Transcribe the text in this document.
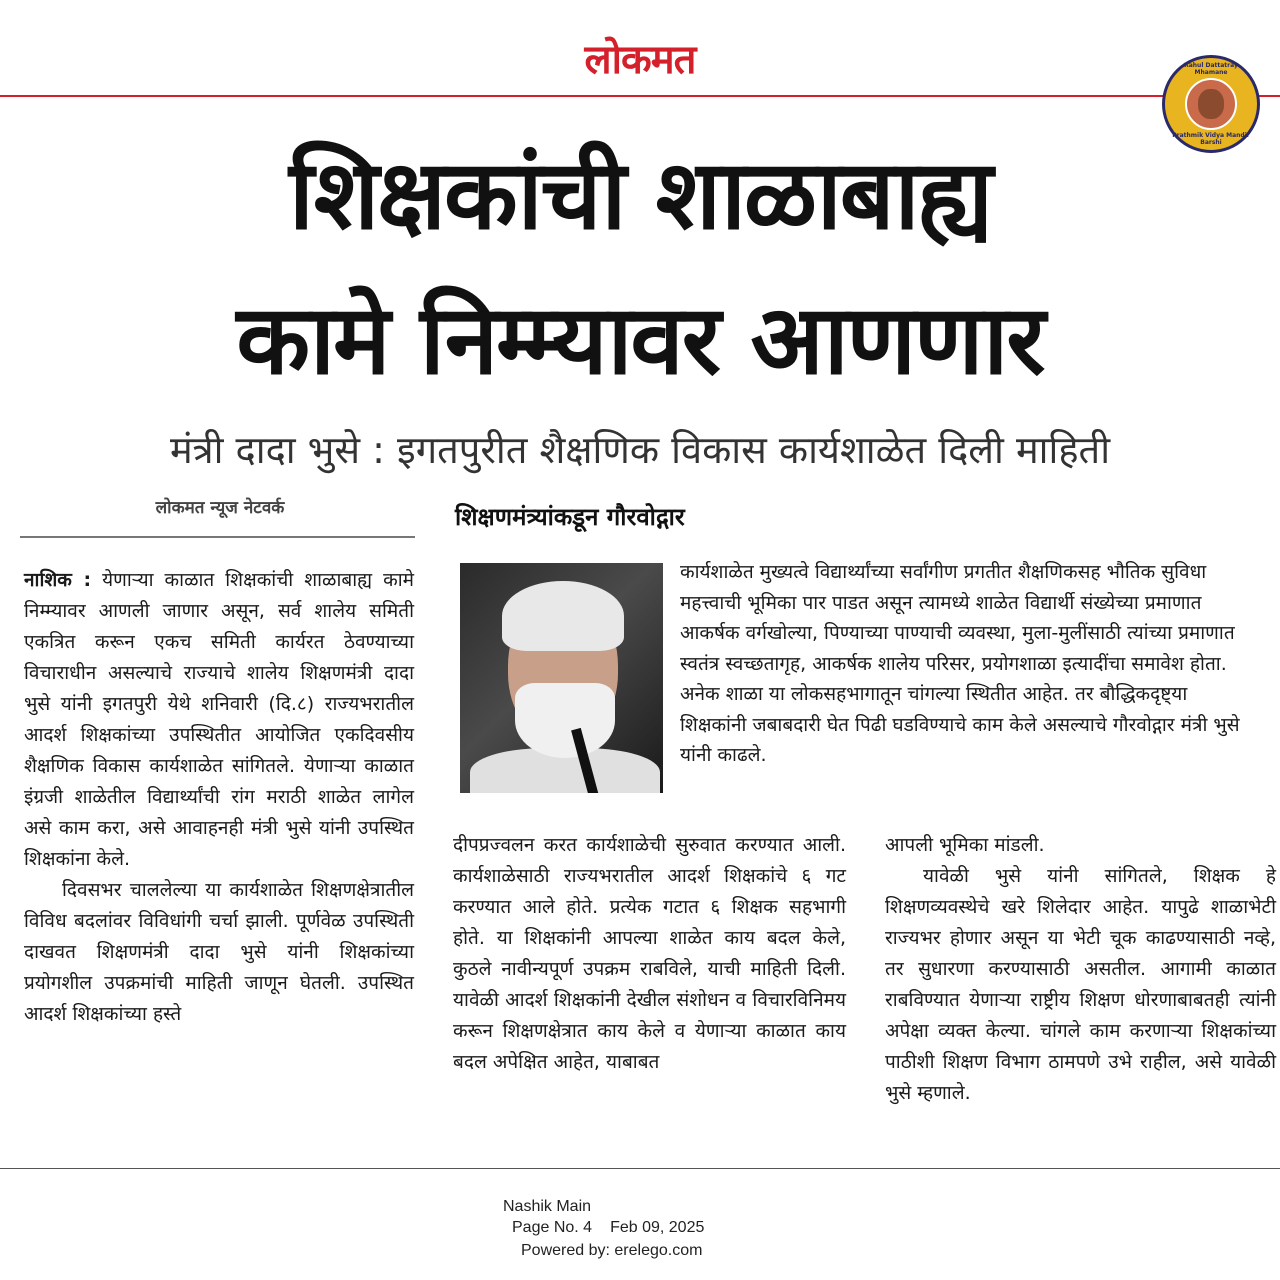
लोकमत	Rahul Dattatray Mhamane
Prathmik Vidya Mandir Barshi
शिक्षकांची शाळाबाह्य
कामे निम्म्यावर आणणार
मंत्री दादा भुसे : इगतपुरीत शैक्षणिक विकास कार्यशाळेत दिली माहिती
लोकमत न्यूज नेटवर्क	शिक्षणमंत्र्यांकडून गौरवोद्गार
कार्यशाळेत मुख्यत्वे विद्यार्थ्यांच्या सर्वांगीण प्रगतीत शैक्षणिकसह भौतिक सुविधा महत्त्वाची भूमिका पार पाडत असून त्यामध्ये शाळेत विद्यार्थी संख्येच्या प्रमाणात आकर्षक वर्गखोल्या, पिण्याच्या पाण्याची व्यवस्था, मुला-मुलींसाठी त्यांच्या प्रमाणात स्वतंत्र स्वच्छतागृह, आकर्षक शालेय परिसर, प्रयोगशाळा इत्यादींचा समावेश होता. अनेक शाळा या लोकसहभागातून चांगल्या स्थितीत आहेत. तर बौद्धिकदृष्ट्या शिक्षकांनी जबाबदारी घेत पिढी घडविण्याचे काम केले असल्याचे गौरवोद्गार मंत्री भुसे यांनी काढले.

नाशिक : येणाऱ्या काळात शिक्षकांची शाळाबाह्य कामे निम्म्यावर आणली जाणार असून, सर्व शालेय समिती एकत्रित करून एकच समिती कार्यरत ठेवण्याच्या विचाराधीन असल्याचे राज्याचे शालेय शिक्षणमंत्री दादा भुसे यांनी इगतपुरी येथे शनिवारी (दि.८) राज्यभरातील आदर्श शिक्षकांच्या उपस्थितीत आयोजित एकदिवसीय शैक्षणिक विकास कार्यशाळेत सांगितले. येणाऱ्या काळात इंग्रजी शाळेतील विद्यार्थ्यांची रांग मराठी शाळेत लागेल असे काम करा, असे आवाहनही मंत्री भुसे यांनी उपस्थित शिक्षकांना केले.

दिवसभर चाललेल्या या कार्यशाळेत शिक्षणक्षेत्रातील विविध बदलांवर विविधांगी चर्चा झाली. पूर्णवेळ उपस्थिती दाखवत शिक्षणमंत्री दादा भुसे यांनी शिक्षकांच्या प्रयोगशील उपक्रमांची माहिती जाणून घेतली. उपस्थित आदर्श शिक्षकांच्या हस्ते

दीपप्रज्वलन करत कार्यशाळेची सुरुवात करण्यात आली. कार्यशाळेसाठी राज्यभरातील आदर्श शिक्षकांचे ६ गट करण्यात आले होते. प्रत्येक गटात ६ शिक्षक सहभागी होते. या शिक्षकांनी आपल्या शाळेत काय बदल केले, कुठले नावीन्यपूर्ण उपक्रम राबविले, याची माहिती दिली. यावेळी आदर्श शिक्षकांनी देखील संशोधन व विचारविनिमय करून शिक्षणक्षेत्रात काय केले व येणाऱ्या काळात काय बदल अपेक्षित आहेत, याबाबत

आपली भूमिका मांडली.

यावेळी भुसे यांनी सांगितले, शिक्षक हे शिक्षणव्यवस्थेचे खरे शिलेदार आहेत. यापुढे शाळाभेटी राज्यभर होणार असून या भेटी चूक काढण्यासाठी नव्हे, तर सुधारणा करण्यासाठी असतील. आगामी काळात राबविण्यात येणाऱ्या राष्ट्रीय शिक्षण धोरणाबाबतही त्यांनी अपेक्षा व्यक्त केल्या. चांगले काम करणाऱ्या शिक्षकांच्या पाठीशी शिक्षण विभाग ठामपणे उभे राहील, असे यावेळी भुसे म्हणाले.

Nashik Main
Page No. 4 Feb 09, 2025
Powered by: erelego.com
